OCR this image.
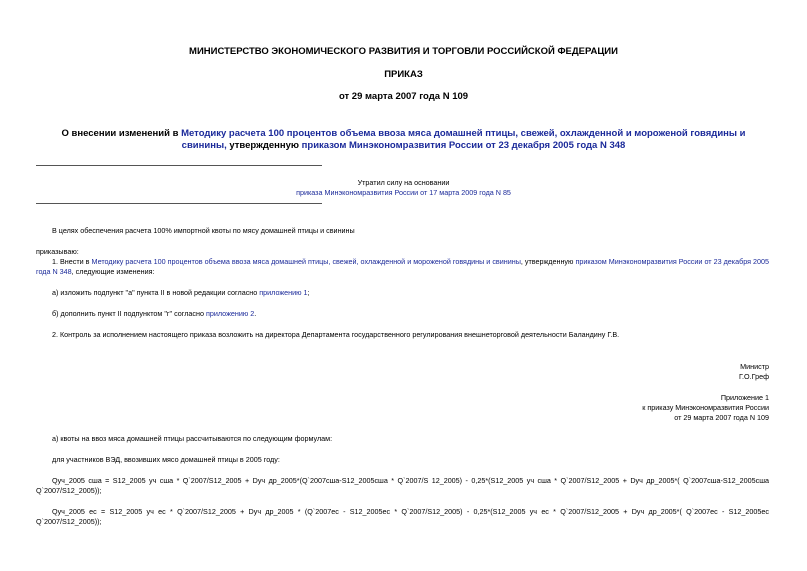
МИНИСТЕРСТВО ЭКОНОМИЧЕСКОГО РАЗВИТИЯ И ТОРГОВЛИ РОССИЙСКОЙ ФЕДЕРАЦИИ
ПРИКАЗ
от 29 марта 2007 года N 109
О внесении изменений в Методику расчета 100 процентов объема ввоза мяса домашней птицы, свежей, охлажденной и мороженой говядины и свинины, утвержденную приказом Минэкономразвития России от 23 декабря 2005 года N 348
Утратил силу на основании
приказа Минэкономразвития России от 17 марта 2009 года N 85
В целях обеспечения расчета 100% импортной квоты по мясу домашней птицы и свинины
приказываю:
1. Внести в Методику расчета 100 процентов объема ввоза мяса домашней птицы, свежей, охлажденной и мороженой говядины и свинины, утвержденную приказом Минэкономразвития России от 23 декабря 2005 года N 348, следующие изменения:
а) изложить подпункт "а" пункта II в новой редакции согласно приложению 1;
б) дополнить пункт II подпунктом "г" согласно приложению 2.
2. Контроль за исполнением настоящего приказа возложить на директора Департамента государственного регулирования внешнеторговой деятельности Баландину Г.В.
Министр
Г.О.Греф
Приложение 1
к приказу Минэкономразвития России
от 29 марта 2007 года N 109
а) квоты на ввоз мяса домашней птицы рассчитываются по следующим формулам:
для участников ВЭД, ввозивших мясо домашней птицы в 2005 году:
Qуч_2005 сша = S12_2005 уч сша * Q`2007/S12_2005 + Dуч др_2005*(Q`2007сша-S12_2005сша * Q`2007/S 12_2005) - 0,25*(S12_2005 уч сша * Q`2007/S12_2005 + Dуч др_2005*( Q`2007сша-S12_2005сша Q`2007/S12_2005));
Qуч_2005 ес = S12_2005 уч ес * Q`2007/S12_2005 + Dуч др_2005 * (Q`2007ес - S12_2005ес * Q`2007/S12_2005) - 0,25*(S12_2005 уч ес * Q`2007/S12_2005 + Dуч др_2005*( Q`2007ес - S12_2005ес Q`2007/S12_2005));
